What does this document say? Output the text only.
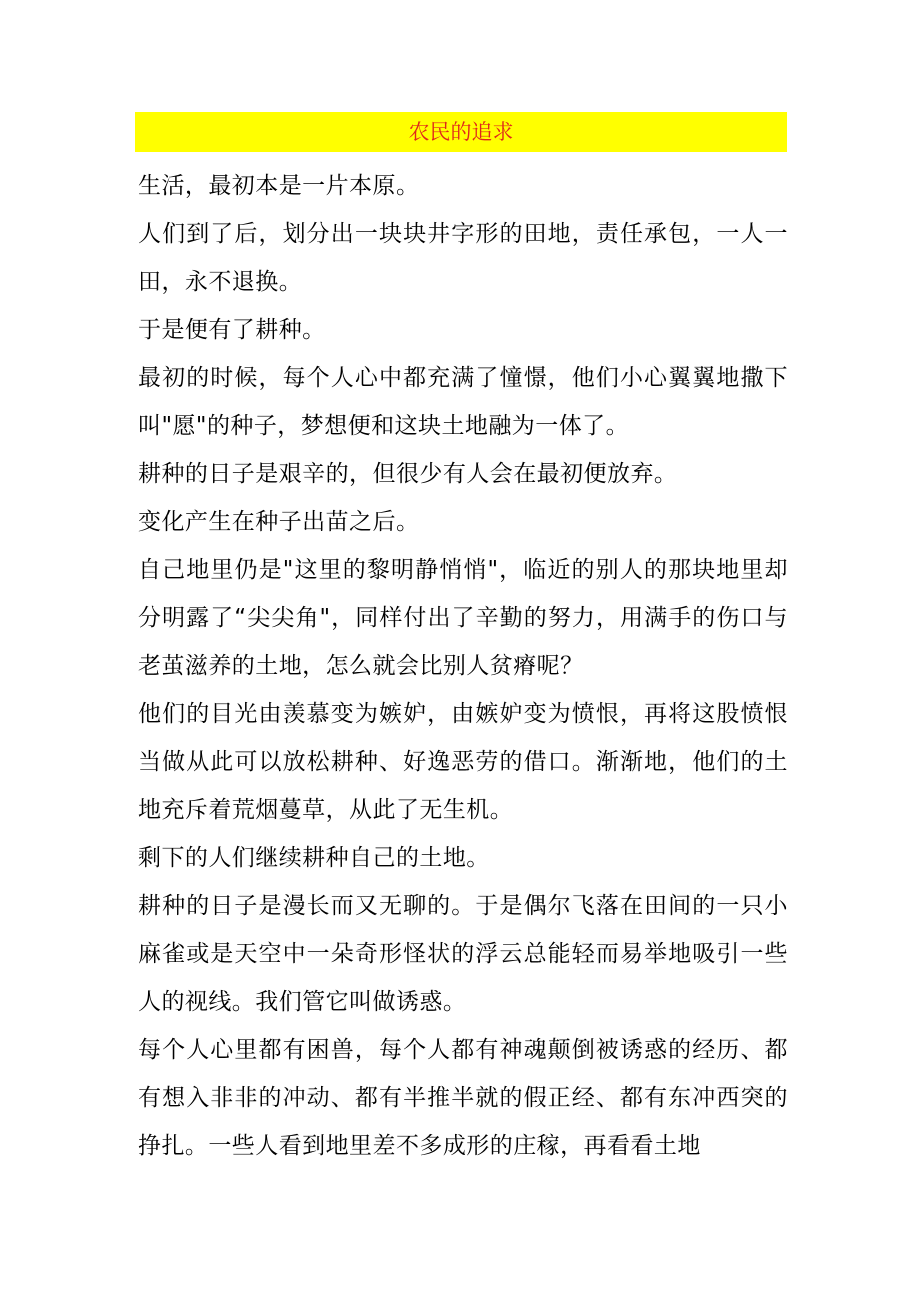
农民的追求

生活，最初本是一片本原。

人们到了后，划分出一块块井字形的田地，责任承包，一人一田，永不退换。

于是便有了耕种。

最初的时候，每个人心中都充满了憧憬，他们小心翼翼地撒下叫"愿"的种子，梦想便和这块土地融为一体了。

耕种的日子是艰辛的，但很少有人会在最初便放弃。

变化产生在种子出苗之后。

自己地里仍是"这里的黎明静悄悄"，临近的别人的那块地里却分明露了“尖尖角"，同样付出了辛勤的努力，用满手的伤口与老茧滋养的土地，怎么就会比别人贫瘠呢？

他们的目光由羡慕变为嫉妒，由嫉妒变为愤恨，再将这股愤恨当做从此可以放松耕种、好逸恶劳的借口。渐渐地，他们的土地充斥着荒烟蔓草，从此了无生机。

剩下的人们继续耕种自己的土地。

耕种的日子是漫长而又无聊的。于是偶尔飞落在田间的一只小麻雀或是天空中一朵奇形怪状的浮云总能轻而易举地吸引一些人的视线。我们管它叫做诱惑。

每个人心里都有困兽，每个人都有神魂颠倒被诱惑的经历、都有想入非非的冲动、都有半推半就的假正经、都有东冲西突的挣扎。一些人看到地里差不多成形的庄稼，再看看土地
